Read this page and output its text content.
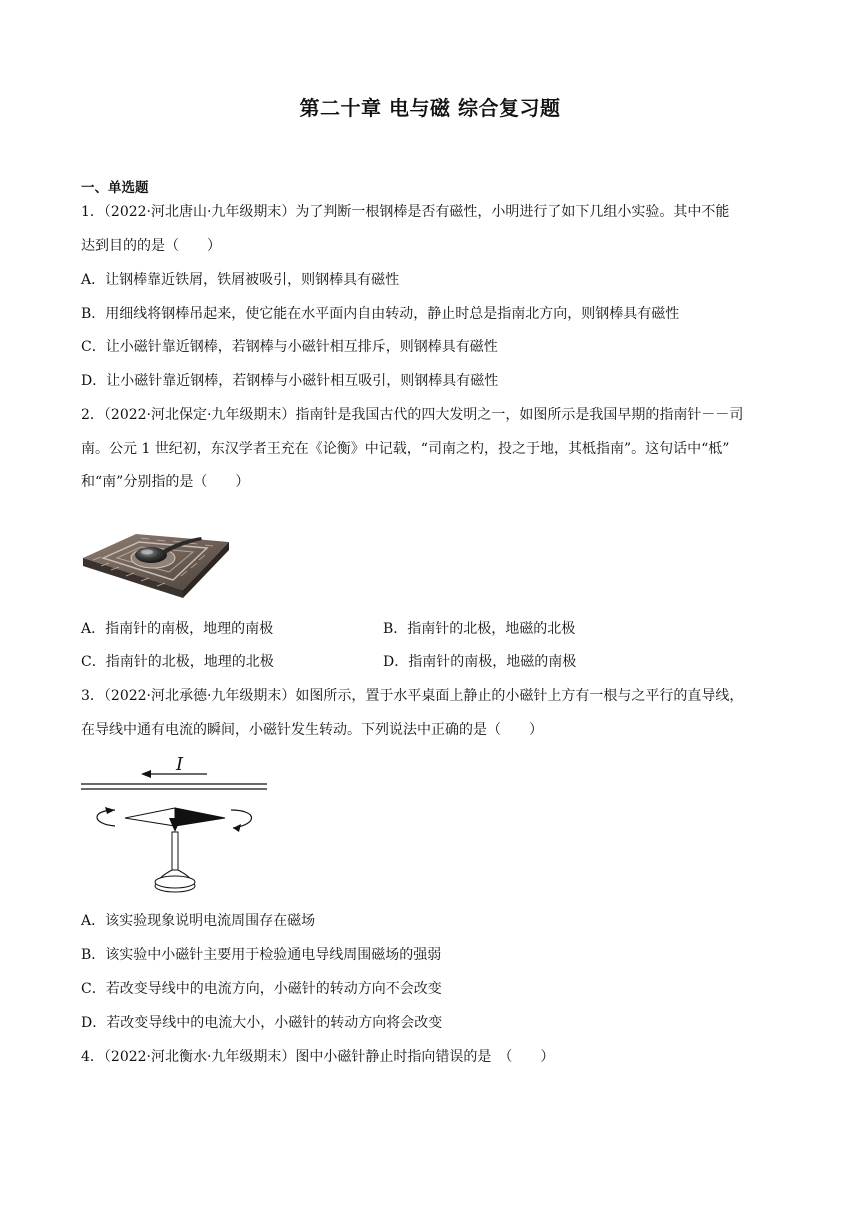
第二十章 电与磁 综合复习题
一、单选题
1．（2022·河北唐山·九年级期末）为了判断一根钢棒是否有磁性，小明进行了如下几组小实验。其中不能
达到目的的是（　　）
A．让钢棒靠近铁屑，铁屑被吸引，则钢棒具有磁性
B．用细线将钢棒吊起来，使它能在水平面内自由转动，静止时总是指南北方向，则钢棒具有磁性
C．让小磁针靠近钢棒，若钢棒与小磁针相互排斥，则钢棒具有磁性
D．让小磁针靠近钢棒，若钢棒与小磁针相互吸引，则钢棒具有磁性
2．（2022·河北保定·九年级期末）指南针是我国古代的四大发明之一，如图所示是我国早期的指南针－－司
南。公元 1 世纪初，东汉学者王充在《论衡》中记载，“司南之杓，投之于地，其柢指南”。这句话中“柢”
和“南”分别指的是（　　）
A．指南针的南极，地理的南极	B．指南针的北极，地磁的北极
C．指南针的北极，地理的北极	D．指南针的南极，地磁的南极
3．（2022·河北承德·九年级期末）如图所示，置于水平桌面上静止的小磁针上方有一根与之平行的直导线，
在导线中通有电流的瞬间，小磁针发生转动。下列说法中正确的是（　　）
I
A．该实验现象说明电流周围存在磁场
B．该实验中小磁针主要用于检验通电导线周围磁场的强弱
C．若改变导线中的电流方向，小磁针的转动方向不会改变
D．若改变导线中的电流大小，小磁针的转动方向将会改变
4．（2022·河北衡水·九年级期末）图中小磁针静止时指向错误的是　（　　）
